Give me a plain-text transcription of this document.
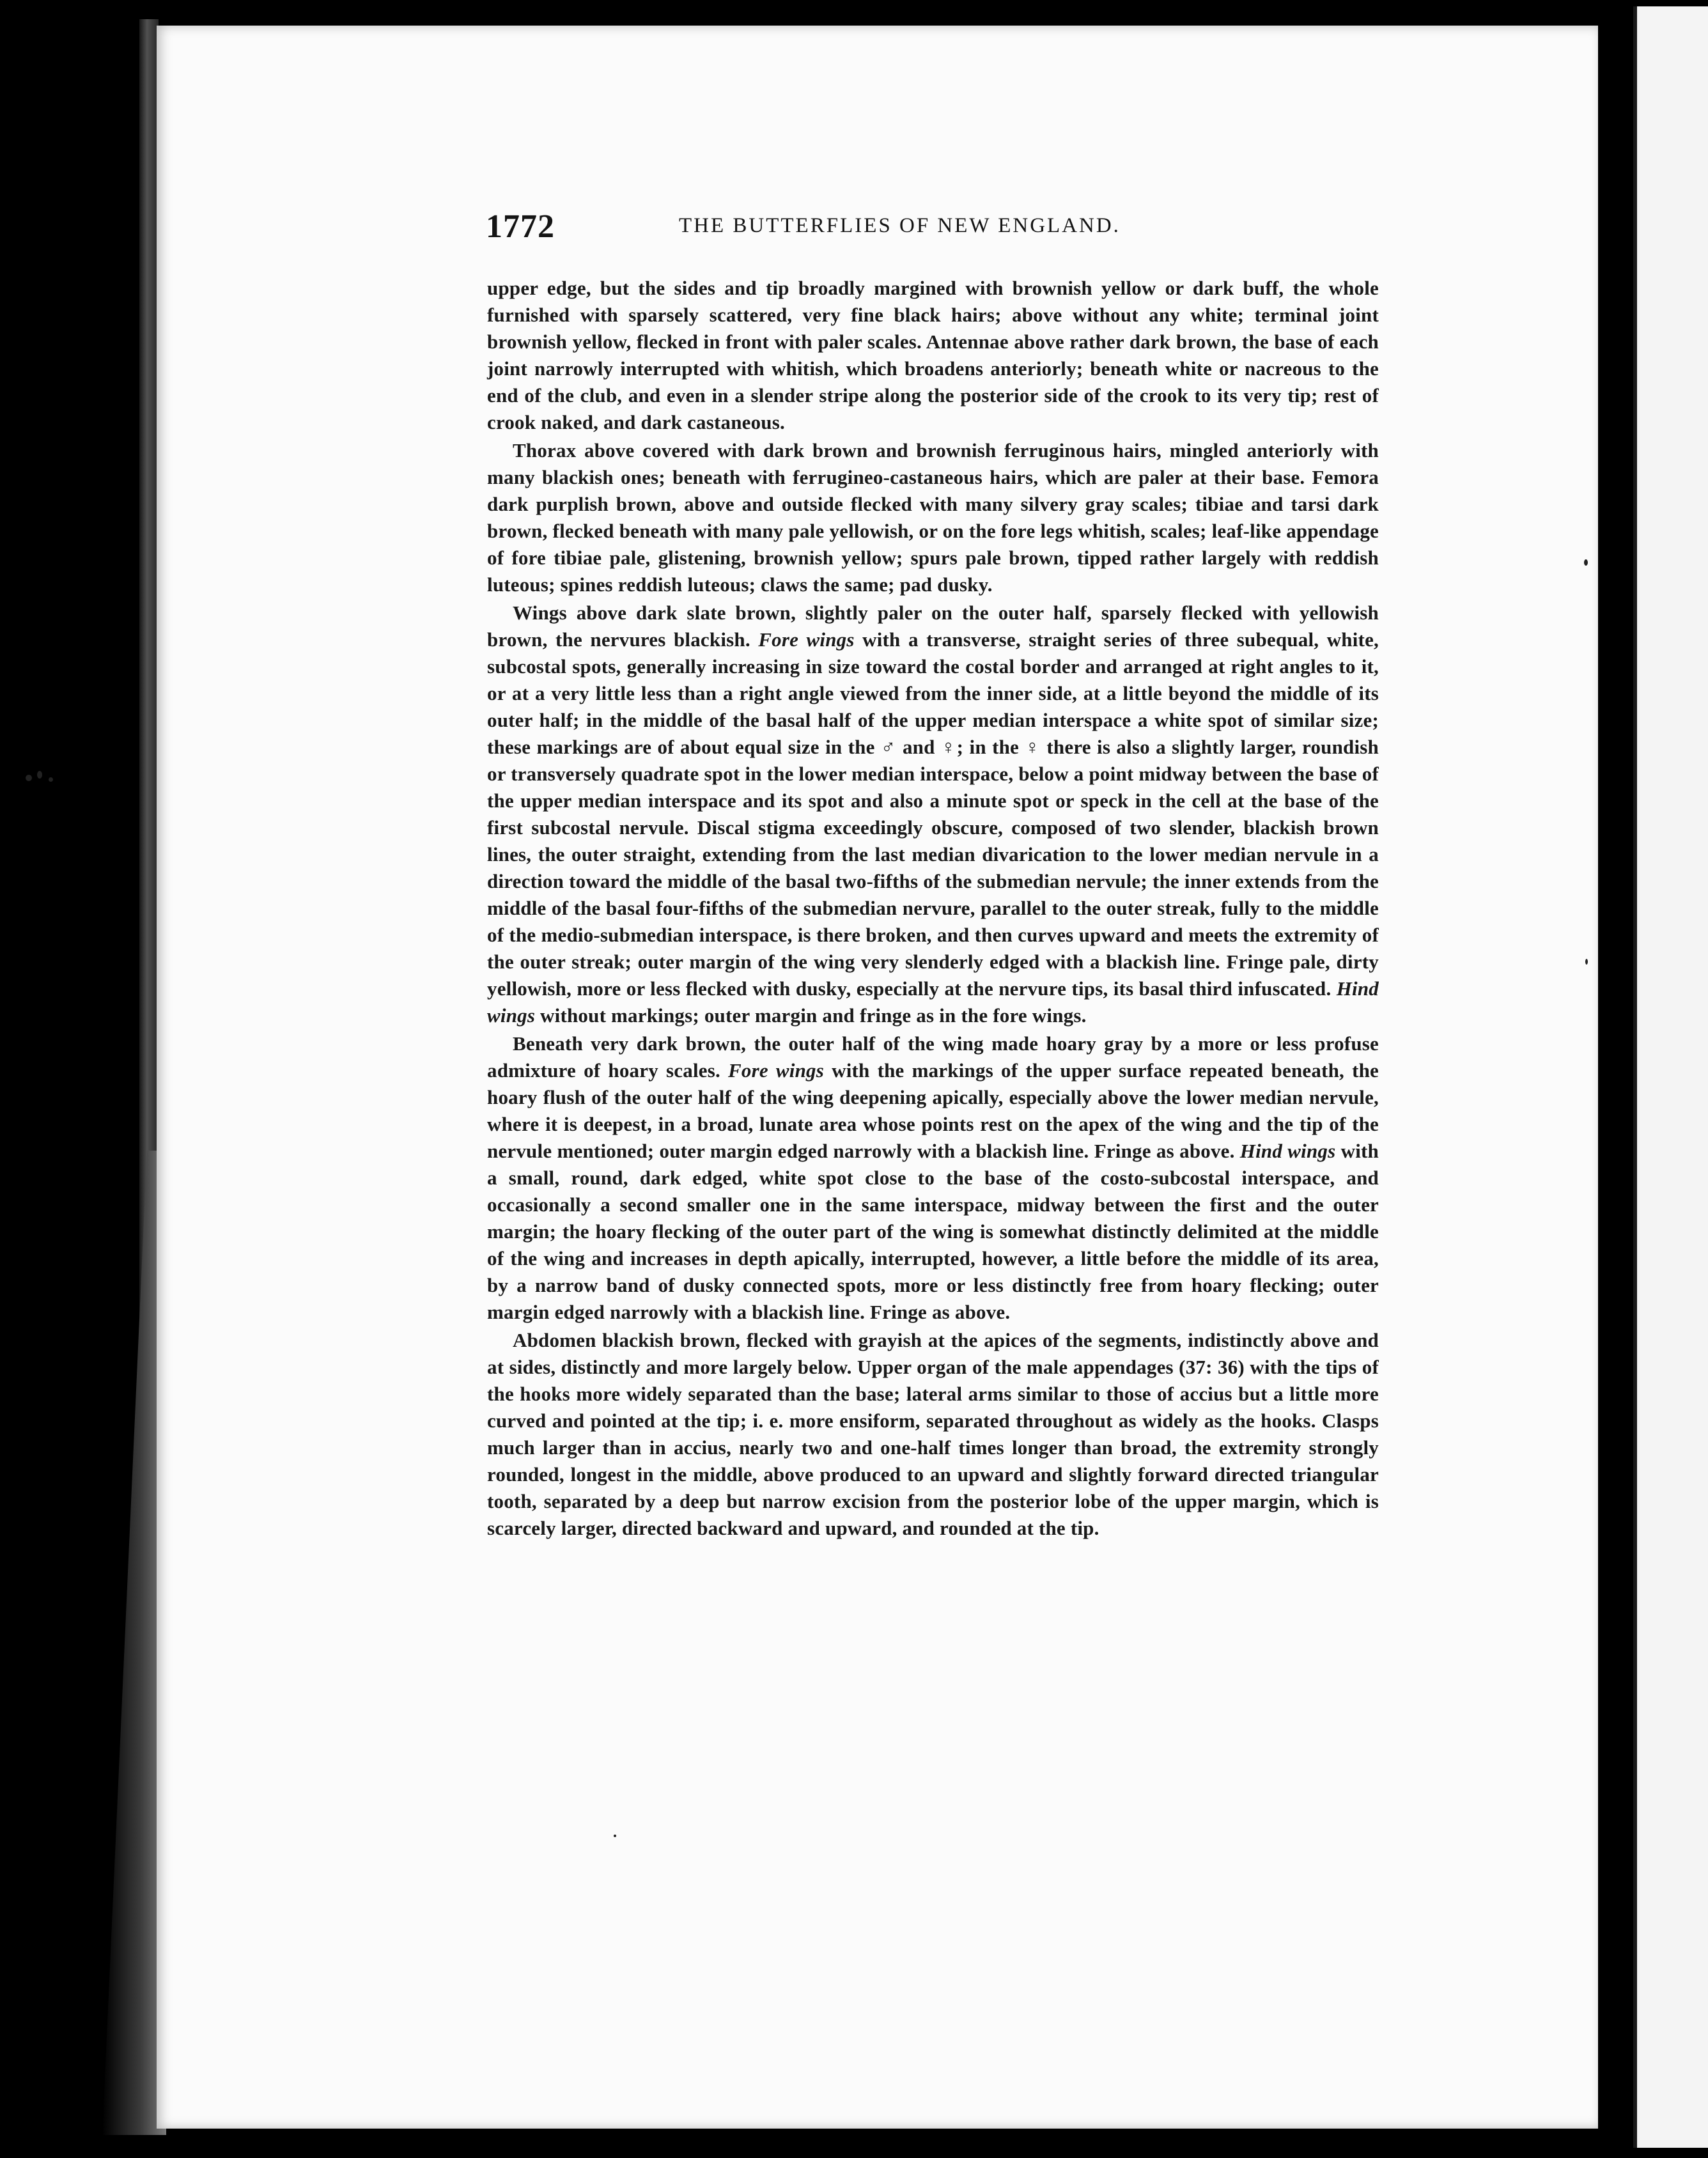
1772	THE BUTTERFLIES OF NEW ENGLAND.

upper edge, but the sides and tip broadly margined with brownish yellow or dark buff, the whole furnished with sparsely scattered, very fine black hairs; above without any white; terminal joint brownish yellow, flecked in front with paler scales. Antennae above rather dark brown, the base of each joint narrowly interrupted with whitish, which broadens anteriorly; beneath white or nacreous to the end of the club, and even in a slender stripe along the posterior side of the crook to its very tip; rest of crook naked, and dark castaneous.

Thorax above covered with dark brown and brownish ferruginous hairs, mingled anteriorly with many blackish ones; beneath with ferrugineo-castaneous hairs, which are paler at their base. Femora dark purplish brown, above and outside flecked with many silvery gray scales; tibiae and tarsi dark brown, flecked beneath with many pale yellowish, or on the fore legs whitish, scales; leaf-like appendage of fore tibiae pale, glistening, brownish yellow; spurs pale brown, tipped rather largely with reddish luteous; spines reddish luteous; claws the same; pad dusky.

Wings above dark slate brown, slightly paler on the outer half, sparsely flecked with yellowish brown, the nervures blackish. Fore wings with a transverse, straight series of three subequal, white, subcostal spots, generally increasing in size toward the costal border and arranged at right angles to it, or at a very little less than a right angle viewed from the inner side, at a little beyond the middle of its outer half; in the middle of the basal half of the upper median interspace a white spot of similar size; these markings are of about equal size in the ♂ and ♀; in the ♀ there is also a slightly larger, roundish or transversely quadrate spot in the lower median interspace, below a point midway between the base of the upper median interspace and its spot and also a minute spot or speck in the cell at the base of the first subcostal nervule. Discal stigma exceedingly obscure, composed of two slender, blackish brown lines, the outer straight, extending from the last median divarication to the lower median nervule in a direction toward the middle of the basal two-fifths of the submedian nervule; the inner extends from the middle of the basal four-fifths of the submedian nervure, parallel to the outer streak, fully to the middle of the medio-submedian interspace, is there broken, and then curves upward and meets the extremity of the outer streak; outer margin of the wing very slenderly edged with a blackish line. Fringe pale, dirty yellowish, more or less flecked with dusky, especially at the nervure tips, its basal third infuscated. Hind wings without markings; outer margin and fringe as in the fore wings.

Beneath very dark brown, the outer half of the wing made hoary gray by a more or less profuse admixture of hoary scales. Fore wings with the markings of the upper surface repeated beneath, the hoary flush of the outer half of the wing deepening apically, especially above the lower median nervule, where it is deepest, in a broad, lunate area whose points rest on the apex of the wing and the tip of the nervule mentioned; outer margin edged narrowly with a blackish line. Fringe as above. Hind wings with a small, round, dark edged, white spot close to the base of the costo-subcostal interspace, and occasionally a second smaller one in the same interspace, midway between the first and the outer margin; the hoary flecking of the outer part of the wing is somewhat distinctly delimited at the middle of the wing and increases in depth apically, interrupted, however, a little before the middle of its area, by a narrow band of dusky connected spots, more or less distinctly free from hoary flecking; outer margin edged narrowly with a blackish line. Fringe as above.

Abdomen blackish brown, flecked with grayish at the apices of the segments, indistinctly above and at sides, distinctly and more largely below. Upper organ of the male appendages (37: 36) with the tips of the hooks more widely separated than the base; lateral arms similar to those of accius but a little more curved and pointed at the tip; i. e. more ensiform, separated throughout as widely as the hooks. Clasps much larger than in accius, nearly two and one-half times longer than broad, the extremity strongly rounded, longest in the middle, above produced to an upward and slightly forward directed triangular tooth, separated by a deep but narrow excision from the posterior lobe of the upper margin, which is scarcely larger, directed backward and upward, and rounded at the tip.
